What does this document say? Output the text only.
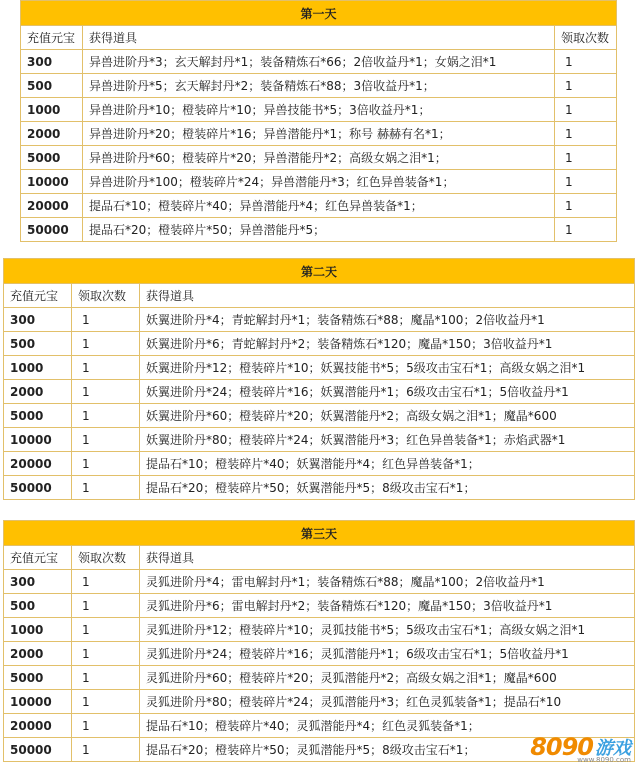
第一天		
充值元宝	获得道具	领取次数
300	异兽进阶丹*3；玄天解封丹*1；装备精炼石*66；2倍收益丹*1；女娲之泪*1	1
500	异兽进阶丹*5；玄天解封丹*2；装备精炼石*88；3倍收益丹*1；	1
1000	异兽进阶丹*10；橙装碎片*10；异兽技能书*5；3倍收益丹*1；	1
2000	异兽进阶丹*20；橙装碎片*16；异兽潜能丹*1；称号 赫赫有名*1；	1
5000	异兽进阶丹*60；橙装碎片*20；异兽潜能丹*2；高级女娲之泪*1；	1
10000	异兽进阶丹*100；橙装碎片*24；异兽潜能丹*3；红色异兽装备*1；	1
20000	提品石*10；橙装碎片*40；异兽潜能丹*4；红色异兽装备*1；	1
50000	提品石*20；橙装碎片*50；异兽潜能丹*5；	1
第二天		
充值元宝	领取次数	获得道具
300	1	妖翼进阶丹*4；青蛇解封丹*1；装备精炼石*88；魔晶*100；2倍收益丹*1
500	1	妖翼进阶丹*6；青蛇解封丹*2；装备精炼石*120；魔晶*150；3倍收益丹*1
1000	1	妖翼进阶丹*12；橙装碎片*10；妖翼技能书*5；5级攻击宝石*1；高级女娲之泪*1
2000	1	妖翼进阶丹*24；橙装碎片*16；妖翼潜能丹*1；6级攻击宝石*1；5倍收益丹*1
5000	1	妖翼进阶丹*60；橙装碎片*20；妖翼潜能丹*2；高级女娲之泪*1；魔晶*600
10000	1	妖翼进阶丹*80；橙装碎片*24；妖翼潜能丹*3；红色异兽装备*1；赤焰武器*1
20000	1	提品石*10；橙装碎片*40；妖翼潜能丹*4；红色异兽装备*1；
50000	1	提品石*20；橙装碎片*50；妖翼潜能丹*5；8级攻击宝石*1；
第三天		
充值元宝	领取次数	获得道具
300	1	灵狐进阶丹*4；雷电解封丹*1；装备精炼石*88；魔晶*100；2倍收益丹*1
500	1	灵狐进阶丹*6；雷电解封丹*2；装备精炼石*120；魔晶*150；3倍收益丹*1
1000	1	灵狐进阶丹*12；橙装碎片*10；灵狐技能书*5；5级攻击宝石*1；高级女娲之泪*1
2000	1	灵狐进阶丹*24；橙装碎片*16；灵狐潜能丹*1；6级攻击宝石*1；5倍收益丹*1
5000	1	灵狐进阶丹*60；橙装碎片*20；灵狐潜能丹*2；高级女娲之泪*1；魔晶*600
10000	1	灵狐进阶丹*80；橙装碎片*24；灵狐潜能丹*3；红色灵狐装备*1；提品石*10
20000	1	提品石*10；橙装碎片*40；灵狐潜能丹*4；红色灵狐装备*1；
50000	1	提品石*20；橙装碎片*50；灵狐潜能丹*5；8级攻击宝石*1； 8090 游戏
www.8090.com
